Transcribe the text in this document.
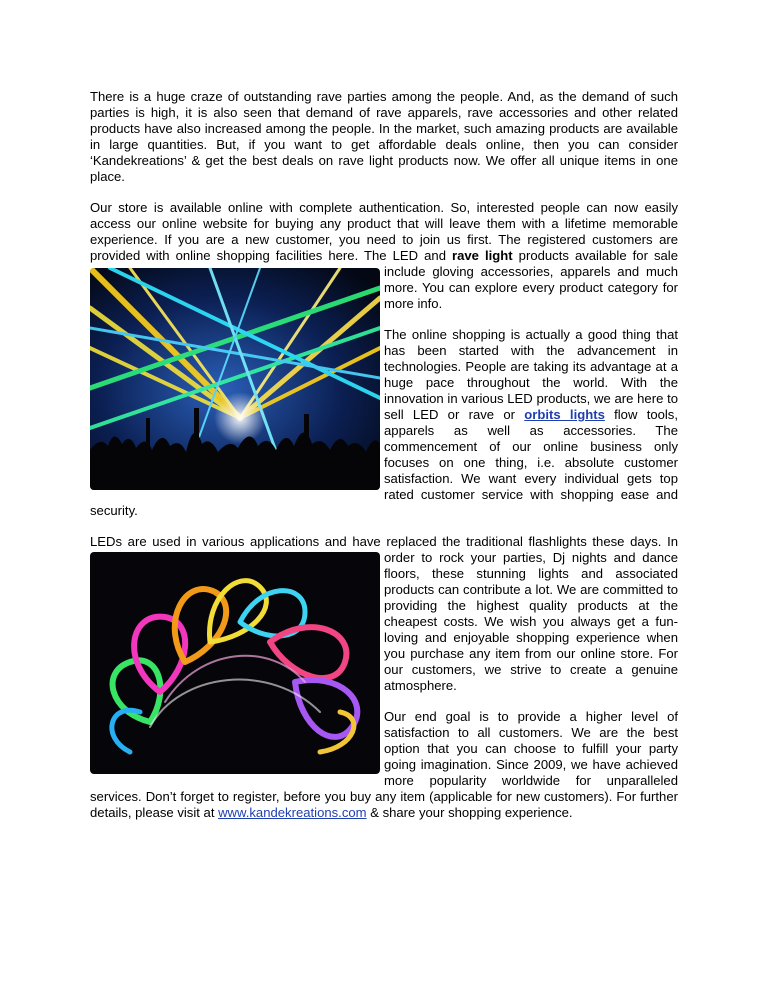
There is a huge craze of outstanding rave parties among the people. And, as the demand of such parties is high, it is also seen that demand of rave apparels, rave accessories and other related products have also increased among the people. In the market, such amazing products are available in large quantities. But, if you want to get affordable deals online, then you can consider ‘Kandekreations’ & get the best deals on rave light products now. We offer all unique items in one place.

Our store is available online with complete authentication. So, interested people can now easily access our online website for buying any product that will leave them with a lifetime memorable experience. If you are a new customer, you need to join us first. The registered customers are provided with online shopping facilities here. The LED and
rave light products available for sale include gloving accessories, apparels and much more. You can explore every product category for more info.

The online shopping is actually a good thing that has been started with the advancement in technologies. People are taking its advantage at a huge pace throughout the world. With the innovation in various LED products, we are here to sell LED or rave or orbits lights flow tools, apparels as well as accessories. The commencement of our online business only focuses on one thing, i.e. absolute customer satisfaction. We want every individual gets top rated customer service with shopping ease and security.

LEDs are used in various applications and have replaced the traditional flashlights these days. In order to rock your parties, Dj nights and dance floors, these stunning lights and associated products can contribute a lot. We are committed to providing the highest quality products at the cheapest costs. We wish you always get a fun-loving and enjoyable shopping experience when you purchase any item from our online store. For our customers, we strive to create a genuine atmosphere.

Our end goal is to provide a higher level of satisfaction to all customers. We are the best option that you can choose to fulfill your party going imagination. Since 2009, we have achieved more popularity worldwide for unparalleled services. Don’t forget to register, before you buy any item (applicable for new customers). For further details, please visit at www.kandekreations.com & share your shopping experience.
